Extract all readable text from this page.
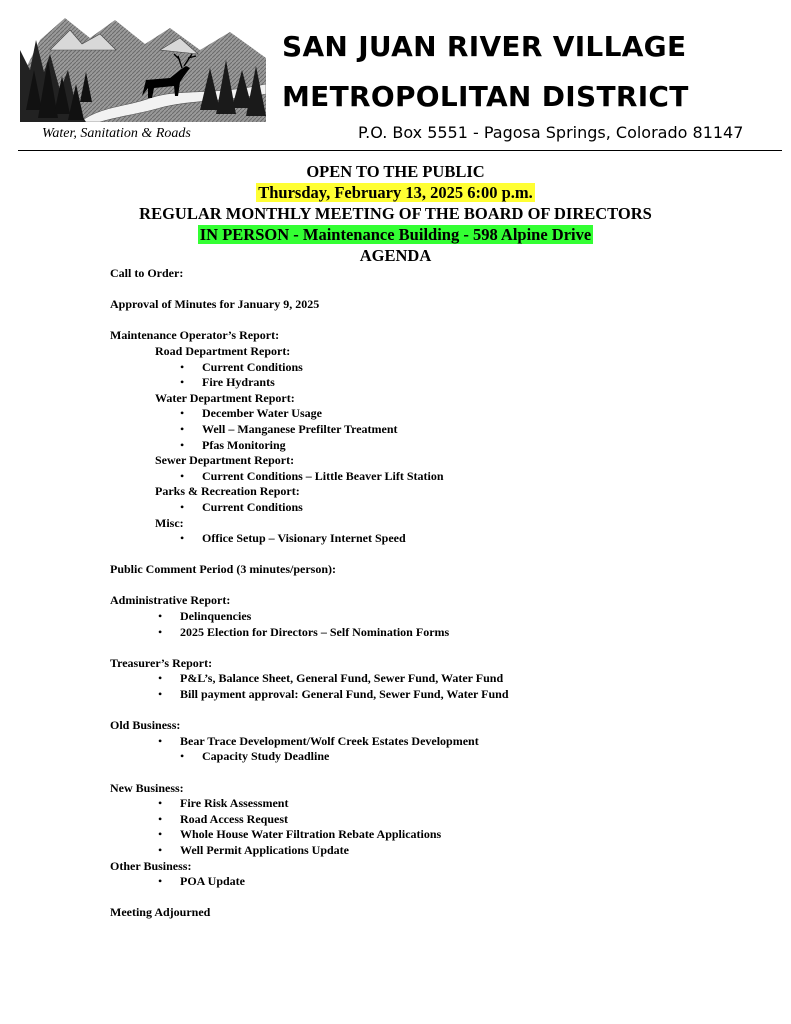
SAN JUAN RIVER VILLAGE
METROPOLITAN DISTRICT
Water, Sanitation & Roads	P.O. Box 5551 - Pagosa Springs, Colorado 81147
OPEN TO THE PUBLIC
Thursday, February 13, 2025 6:00 p.m.
REGULAR MONTHLY MEETING OF THE BOARD OF DIRECTORS
IN PERSON - Maintenance Building - 598 Alpine Drive
AGENDA
Call to Order:
Approval of Minutes for January 9, 2025
Maintenance Operator’s Report:
Road Department Report:
• Current Conditions
• Fire Hydrants
Water Department Report:
• December Water Usage
• Well – Manganese Prefilter Treatment
• Pfas Monitoring
Sewer Department Report:
• Current Conditions – Little Beaver Lift Station
Parks & Recreation Report:
• Current Conditions
Misc:
• Office Setup – Visionary Internet Speed
Public Comment Period (3 minutes/person):
Administrative Report:
• Delinquencies
• 2025 Election for Directors – Self Nomination Forms
Treasurer’s Report:
• P&L’s, Balance Sheet, General Fund, Sewer Fund, Water Fund
• Bill payment approval: General Fund, Sewer Fund, Water Fund
Old Business:
• Bear Trace Development/Wolf Creek Estates Development
• Capacity Study Deadline
New Business:
• Fire Risk Assessment
• Road Access Request
• Whole House Water Filtration Rebate Applications
• Well Permit Applications Update
Other Business:
• POA Update
Meeting Adjourned
